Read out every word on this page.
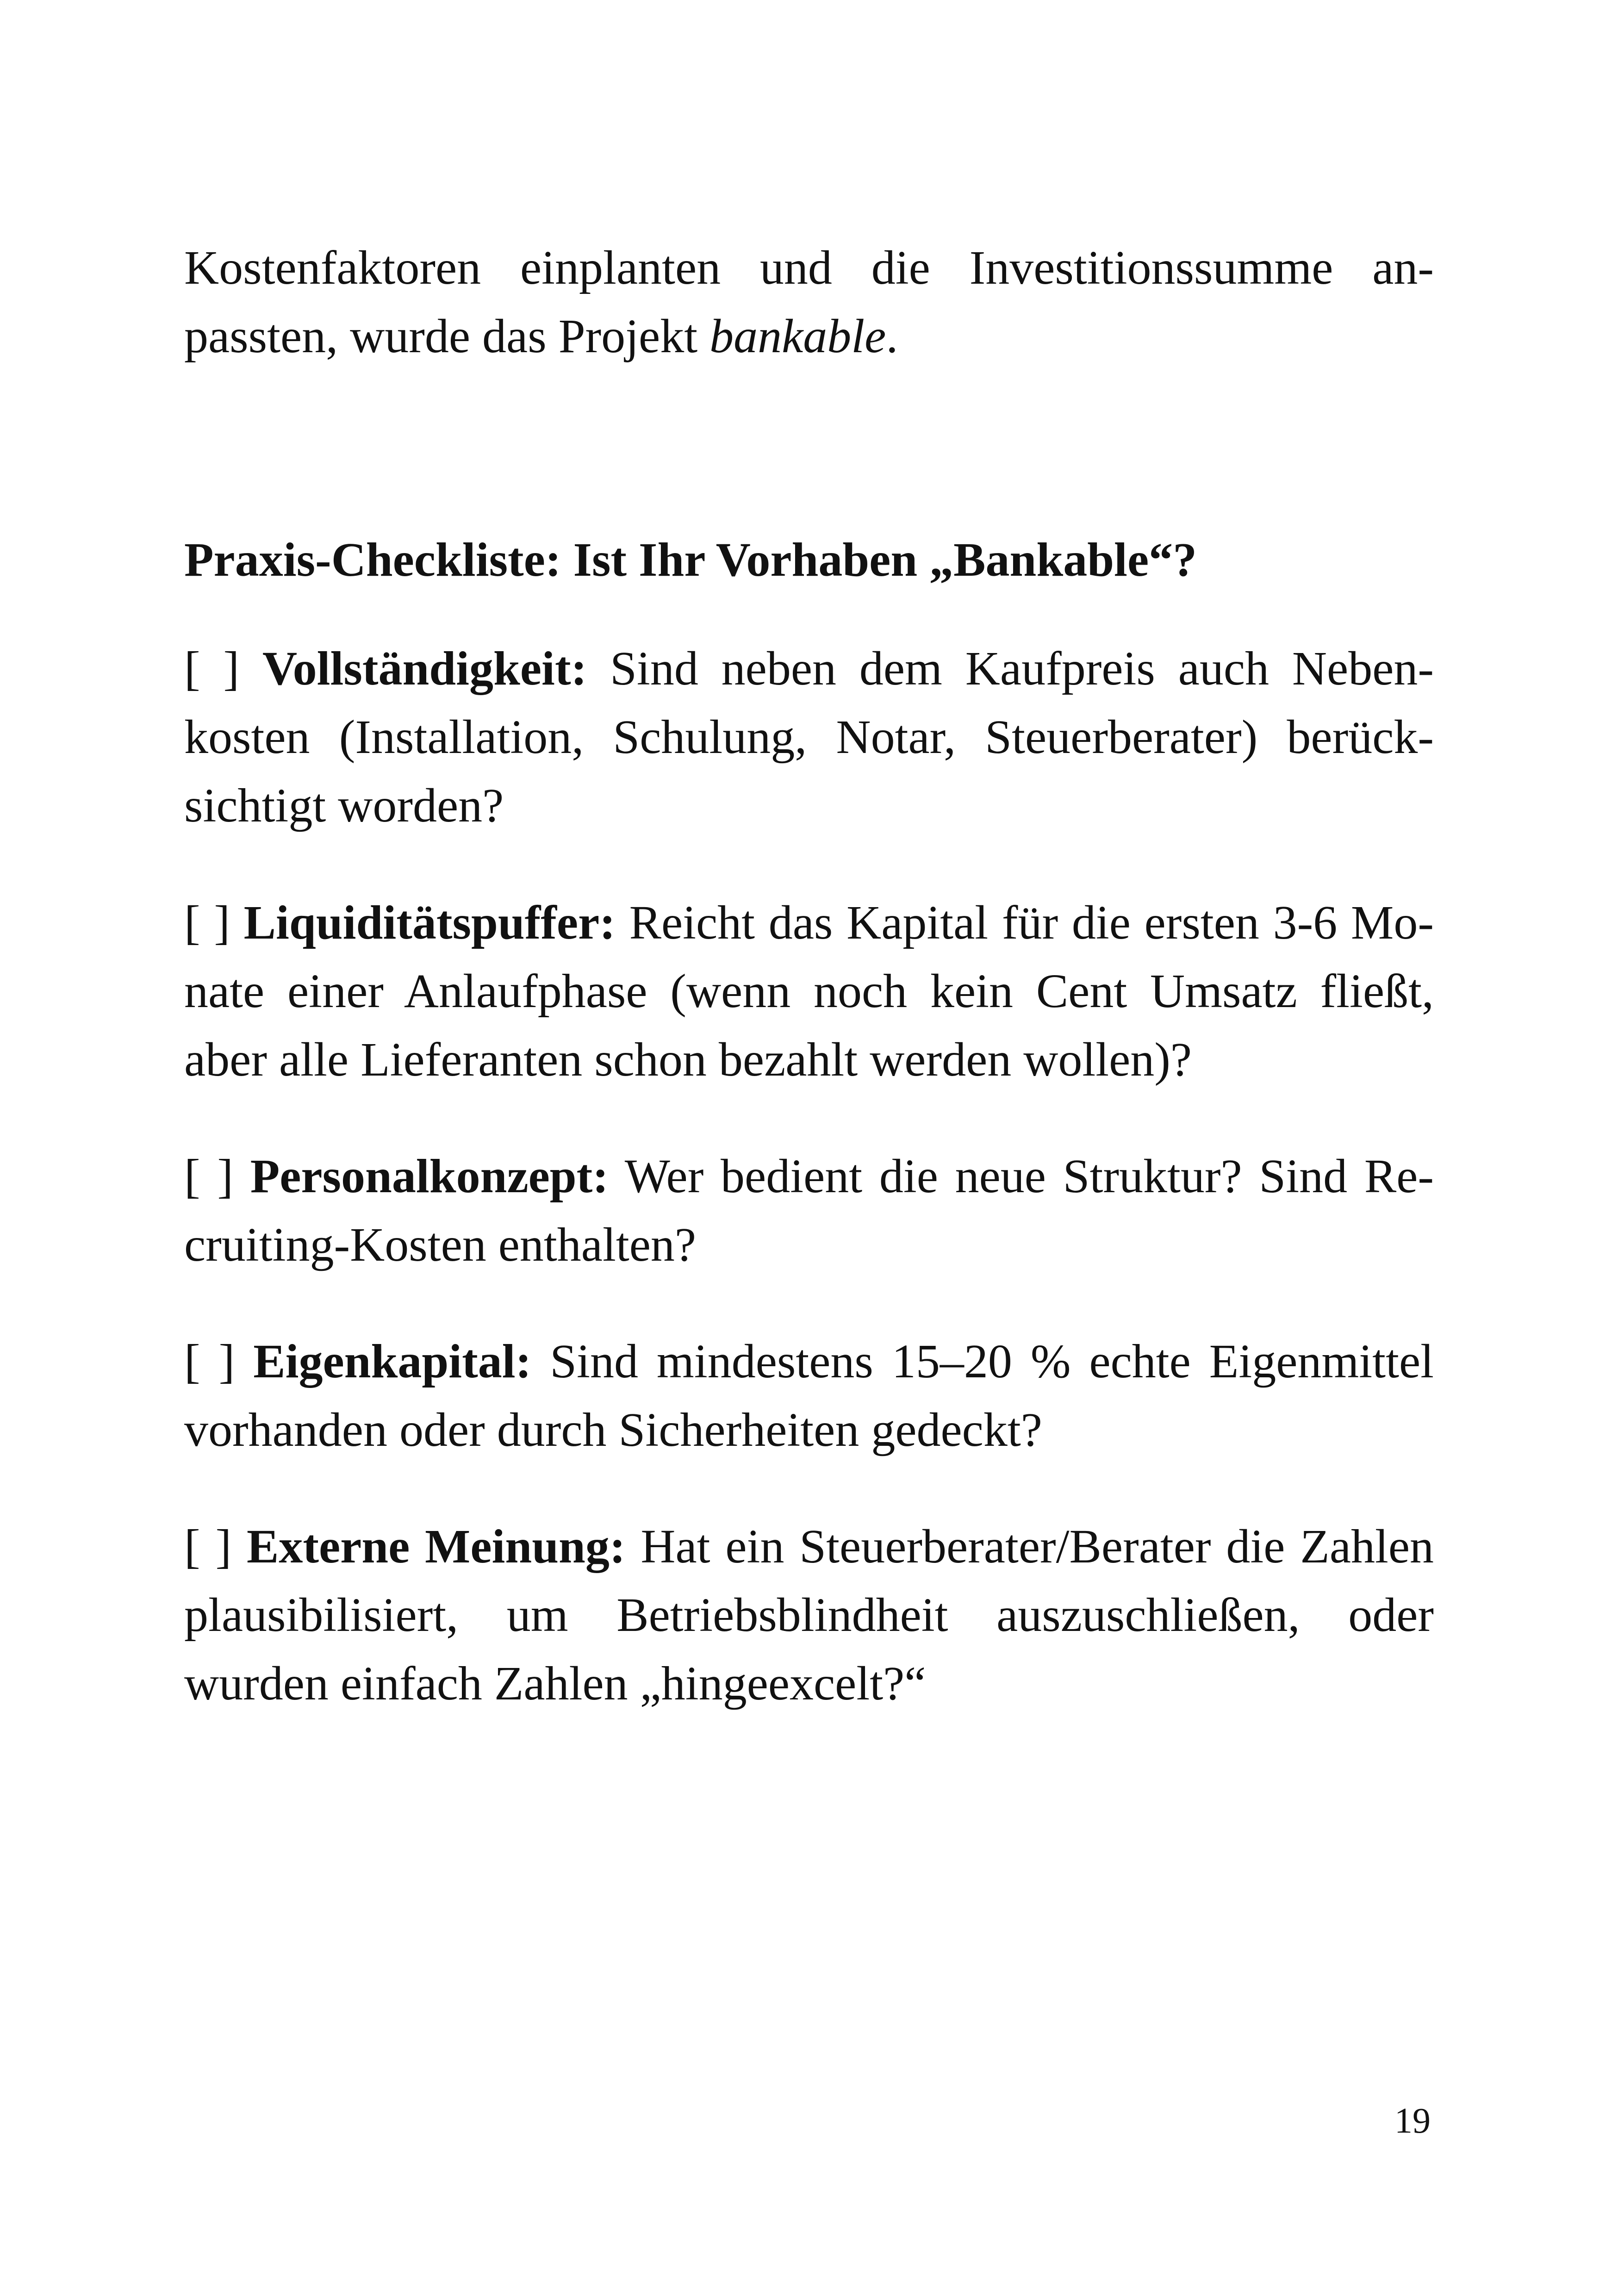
Kostenfaktoren einplanten und die Investitionssumme anpassten, wurde das Projekt bankable.

Praxis-Checkliste: Ist Ihr Vorhaben „Bankable“?

[ ] Vollständigkeit: Sind neben dem Kaufpreis auch Nebenkosten (Installation, Schulung, Notar, Steuerberater) berücksichtigt worden?

[ ] Liquiditätspuffer: Reicht das Kapital für die ersten 3-6 Monate einer Anlaufphase (wenn noch kein Cent Umsatz fließt, aber alle Lieferanten schon bezahlt werden wollen)?

[ ] Personalkonzept: Wer bedient die neue Struktur? Sind Recruiting-Kosten enthalten?

[ ] Eigenkapital: Sind mindestens 15–20 % echte Eigenmittel vorhanden oder durch Sicherheiten gedeckt?

[ ] Externe Meinung: Hat ein Steuerberater/Berater die Zahlen plausibilisiert, um Betriebsblindheit auszuschließen, oder wurden einfach Zahlen „hingeexcelt?“

19
